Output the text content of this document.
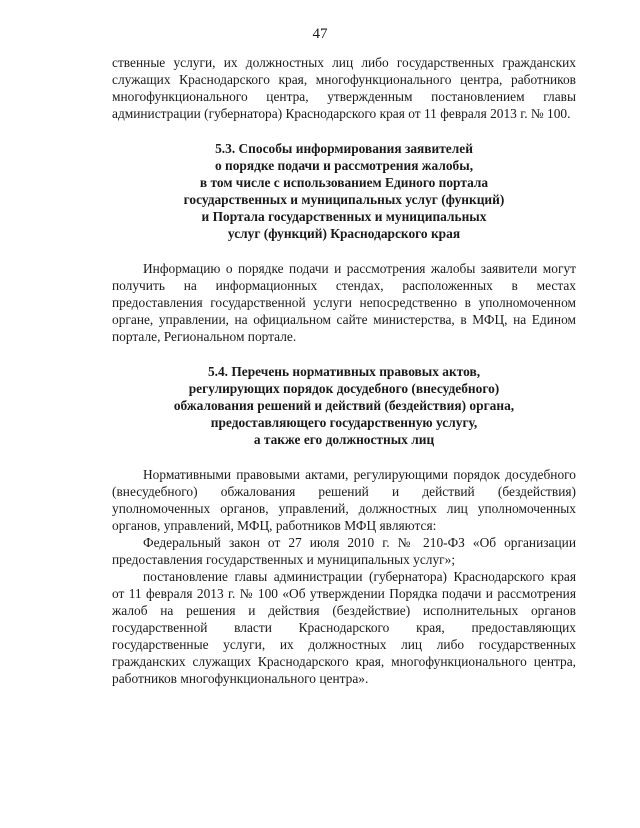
47

ственные услуги, их должностных лиц либо государственных гражданских служащих Краснодарского края, многофункционального центра, работников многофункционального центра, утвержденным постановлением главы администрации (губернатора) Краснодарского края от 11 февраля 2013 г. № 100.

5.3. Способы информирования заявителей
о порядке подачи и рассмотрения жалобы,
в том числе с использованием Единого портала
государственных и муниципальных услуг (функций)
и Портала государственных и муниципальных
услуг (функций) Краснодарского края

Информацию о порядке подачи и рассмотрения жалобы заявители могут получить на информационных стендах, расположенных в местах предоставления государственной услуги непосредственно в уполномоченном органе, управлении, на официальном сайте министерства, в МФЦ, на Едином портале, Региональном портале.

5.4. Перечень нормативных правовых актов,
регулирующих порядок досудебного (внесудебного)
обжалования решений и действий (бездействия) органа,
предоставляющего государственную услугу,
а также его должностных лиц

Нормативными правовыми актами, регулирующими порядок досудебного (внесудебного) обжалования решений и действий (бездействия) уполномоченных органов, управлений, должностных лиц уполномоченных органов, управлений, МФЦ, работников МФЦ являются:

Федеральный закон от 27 июля 2010 г. № 210-ФЗ «Об организации предоставления государственных и муниципальных услуг»;

постановление главы администрации (губернатора) Краснодарского края от 11 февраля 2013 г. № 100 «Об утверждении Порядка подачи и рассмотрения жалоб на решения и действия (бездействие) исполнительных органов государственной власти Краснодарского края, предоставляющих государственные услуги, их должностных лиц либо государственных гражданских служащих Краснодарского края, многофункционального центра, работников многофункционального центра».
